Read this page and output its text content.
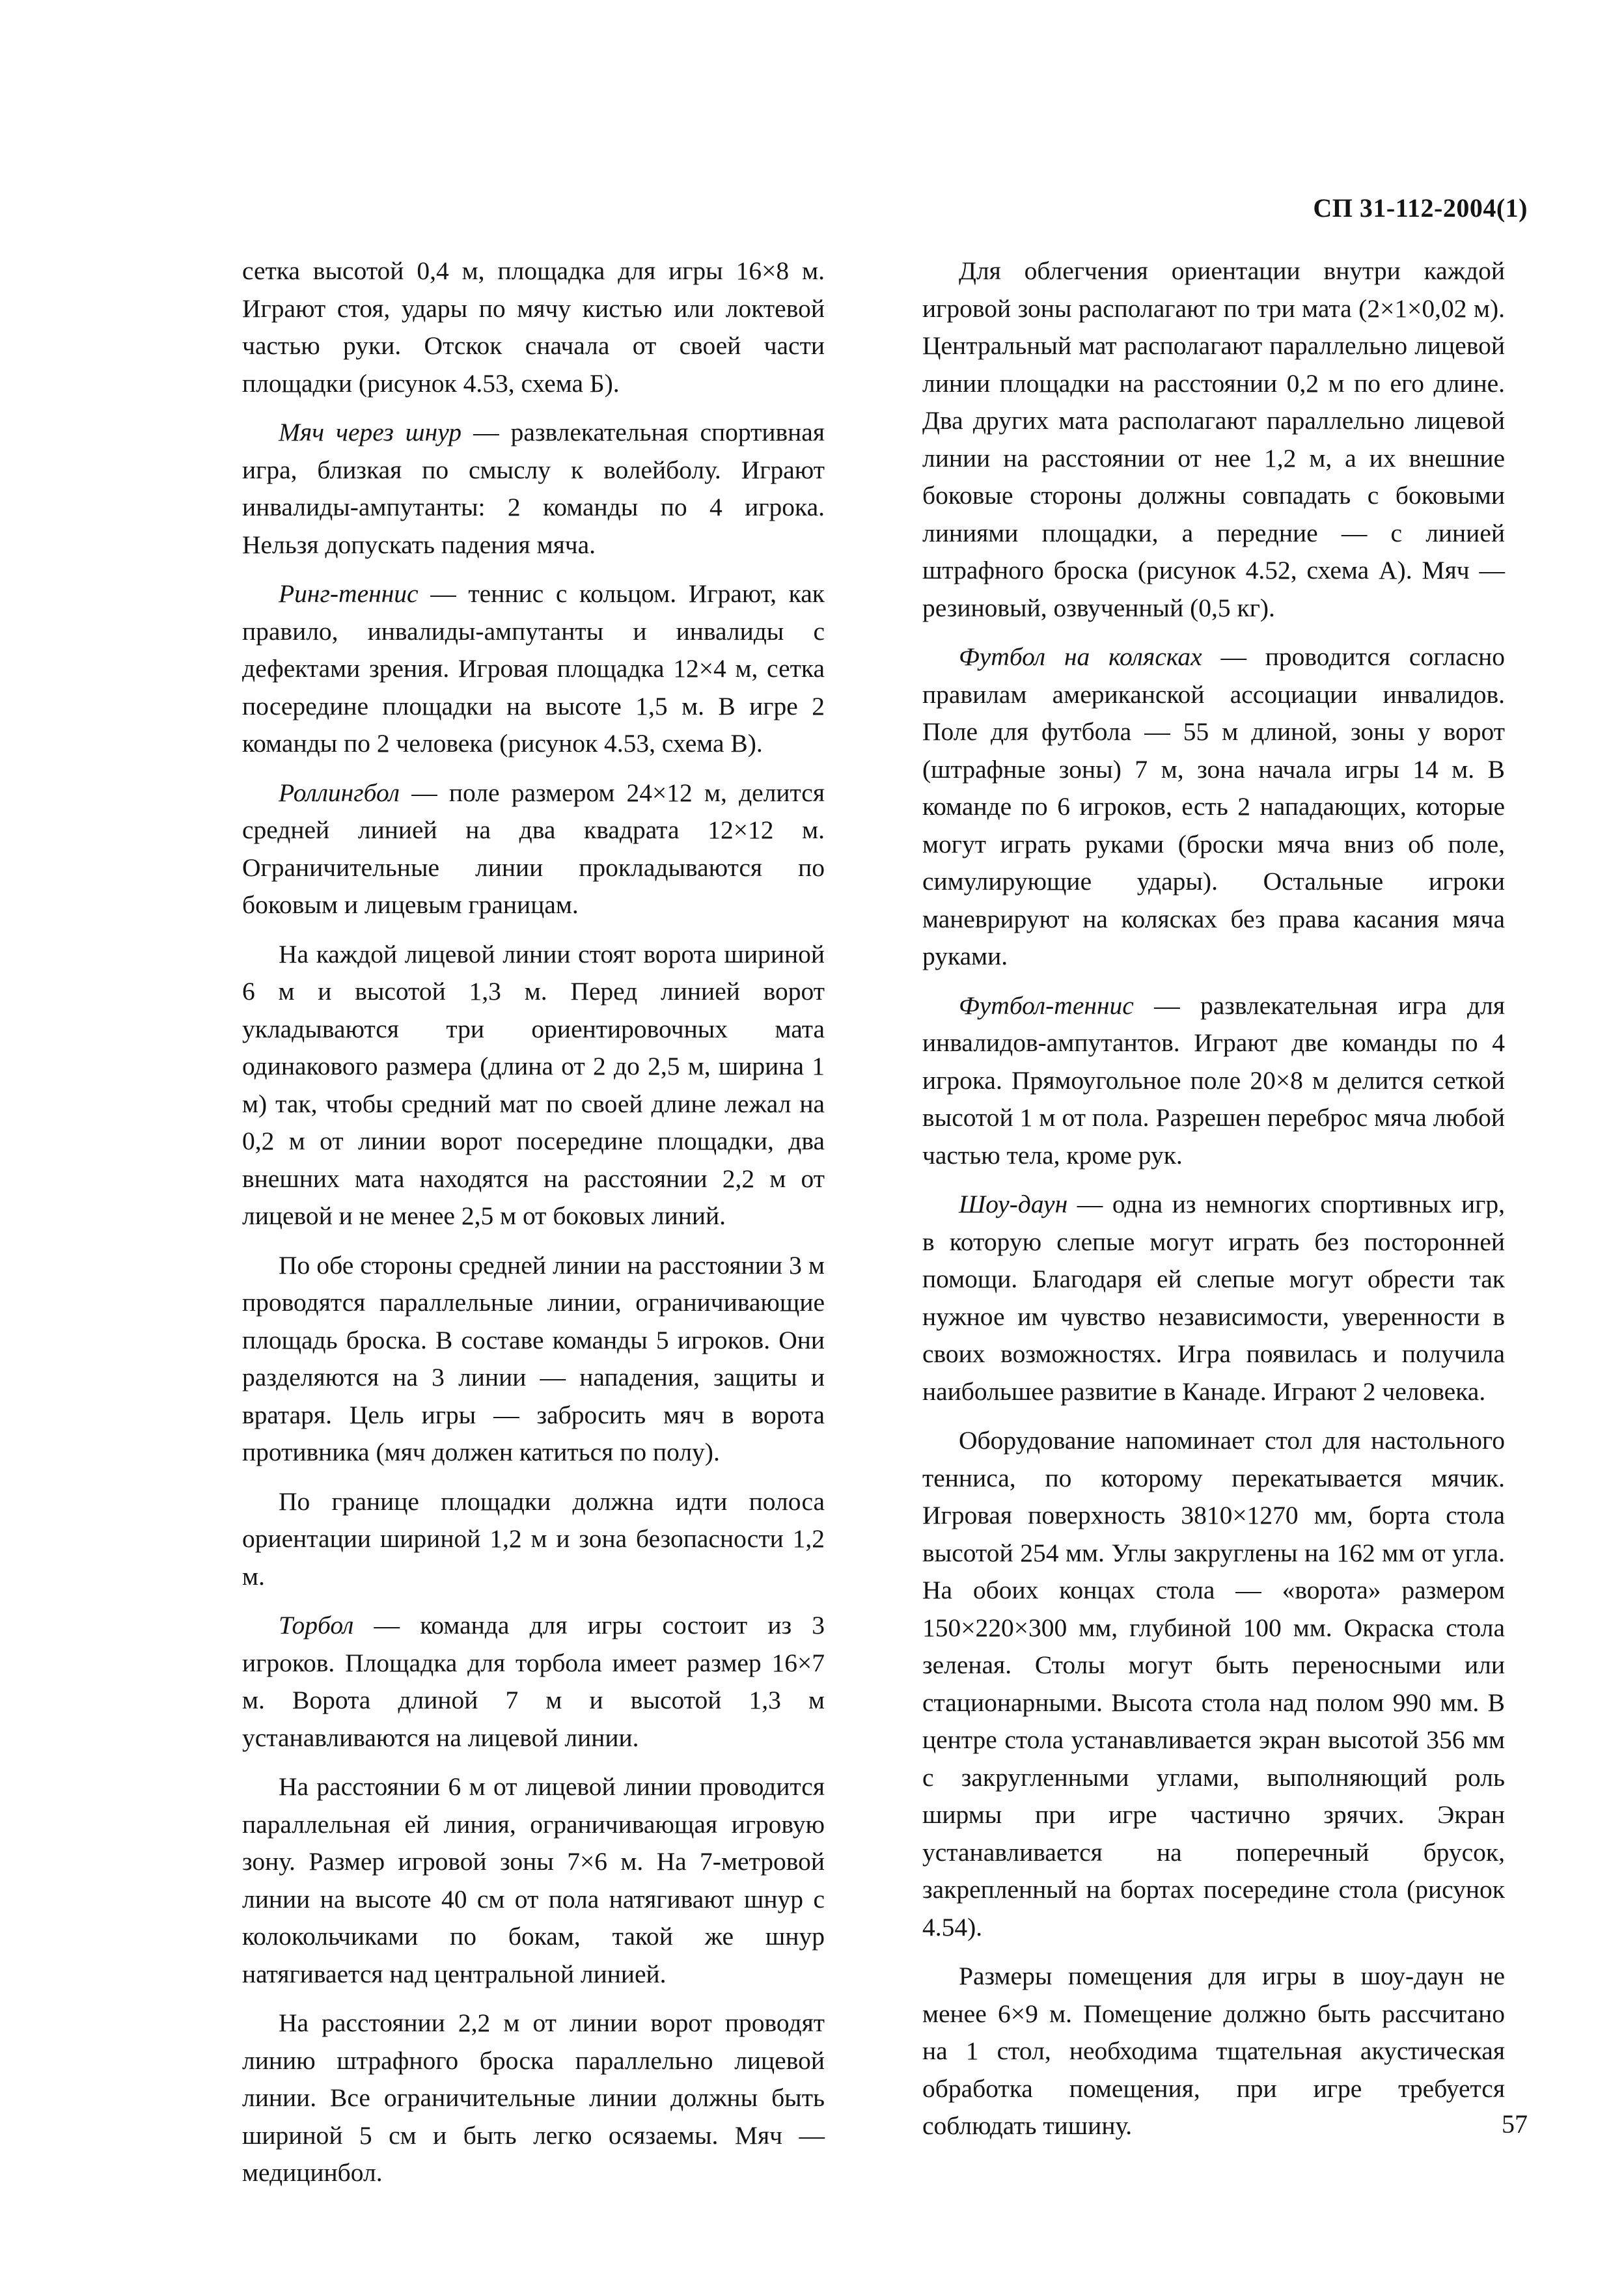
СП 31-112-2004(1)

сетка высотой 0,4 м, площадка для игры 16×8 м. Играют стоя, удары по мячу кистью или локтевой частью руки. Отскок сначала от своей части площадки (рисунок 4.53, схема Б).

Мяч через шнур — развлекательная спортивная игра, близкая по смыслу к волейболу. Играют инвалиды-ампутанты: 2 команды по 4 игрока. Нельзя допускать падения мяча.

Ринг-теннис — теннис с кольцом. Играют, как правило, инвалиды-ампутанты и инвалиды с дефектами зрения. Игровая площадка 12×4 м, сетка посередине площадки на высоте 1,5 м. В игре 2 команды по 2 человека (рисунок 4.53, схема В).

Роллингбол — поле размером 24×12 м, делится средней линией на два квадрата 12×12 м. Ограничительные линии прокладываются по боковым и лицевым границам.

На каждой лицевой линии стоят ворота шириной 6 м и высотой 1,3 м. Перед линией ворот укладываются три ориентировочных мата одинакового размера (длина от 2 до 2,5 м, ширина 1 м) так, чтобы средний мат по своей длине лежал на 0,2 м от линии ворот посередине площадки, два внешних мата находятся на расстоянии 2,2 м от лицевой и не менее 2,5 м от боковых линий.

По обе стороны средней линии на расстоянии 3 м проводятся параллельные линии, ограничивающие площадь броска. В составе команды 5 игроков. Они разделяются на 3 линии — нападения, защиты и вратаря. Цель игры — забросить мяч в ворота противника (мяч должен катиться по полу).

По границе площадки должна идти полоса ориентации шириной 1,2 м и зона безопасности 1,2 м.

Торбол — команда для игры состоит из 3 игроков. Площадка для торбола имеет размер 16×7 м. Ворота длиной 7 м и высотой 1,3 м устанавливаются на лицевой линии.

На расстоянии 6 м от лицевой линии проводится параллельная ей линия, ограничивающая игровую зону. Размер игровой зоны 7×6 м. На 7-метровой линии на высоте 40 см от пола натягивают шнур с колокольчиками по бокам, такой же шнур натягивается над центральной линией.

На расстоянии 2,2 м от линии ворот проводят линию штрафного броска параллельно лицевой линии. Все ограничительные линии должны быть шириной 5 см и быть легко осязаемы. Мяч — медицинбол.

Для облегчения ориентации внутри каждой игровой зоны располагают по три мата (2×1×0,02 м). Центральный мат располагают параллельно лицевой линии площадки на расстоянии 0,2 м по его длине. Два других мата располагают параллельно лицевой линии на расстоянии от нее 1,2 м, а их внешние боковые стороны должны совпадать с боковыми линиями площадки, а передние — с линией штрафного броска (рисунок 4.52, схема А). Мяч — резиновый, озвученный (0,5 кг).

Футбол на колясках — проводится согласно правилам американской ассоциации инвалидов. Поле для футбола — 55 м длиной, зоны у ворот (штрафные зоны) 7 м, зона начала игры 14 м. В команде по 6 игроков, есть 2 нападающих, которые могут играть руками (броски мяча вниз об поле, симулирующие удары). Остальные игроки маневрируют на колясках без права касания мяча руками.

Футбол-теннис — развлекательная игра для инвалидов-ампутантов. Играют две команды по 4 игрока. Прямоугольное поле 20×8 м делится сеткой высотой 1 м от пола. Разрешен переброс мяча любой частью тела, кроме рук.

Шоу-даун — одна из немногих спортивных игр, в которую слепые могут играть без посторонней помощи. Благодаря ей слепые могут обрести так нужное им чувство независимости, уверенности в своих возможностях. Игра появилась и получила наибольшее развитие в Канаде. Играют 2 человека.

Оборудование напоминает стол для настольного тенниса, по которому перекатывается мячик. Игровая поверхность 3810×1270 мм, борта стола высотой 254 мм. Углы закруглены на 162 мм от угла. На обоих концах стола — «ворота» размером 150×220×300 мм, глубиной 100 мм. Окраска стола зеленая. Столы могут быть переносными или стационарными. Высота стола над полом 990 мм. В центре стола устанавливается экран высотой 356 мм с закругленными углами, выполняющий роль ширмы при игре частично зрячих. Экран устанавливается на поперечный брусок, закрепленный на бортах посередине стола (рисунок 4.54).

Размеры помещения для игры в шоу-даун не менее 6×9 м. Помещение должно быть рассчитано на 1 стол, необходима тщательная акустическая обработка помещения, при игре требуется соблюдать тишину.	57
